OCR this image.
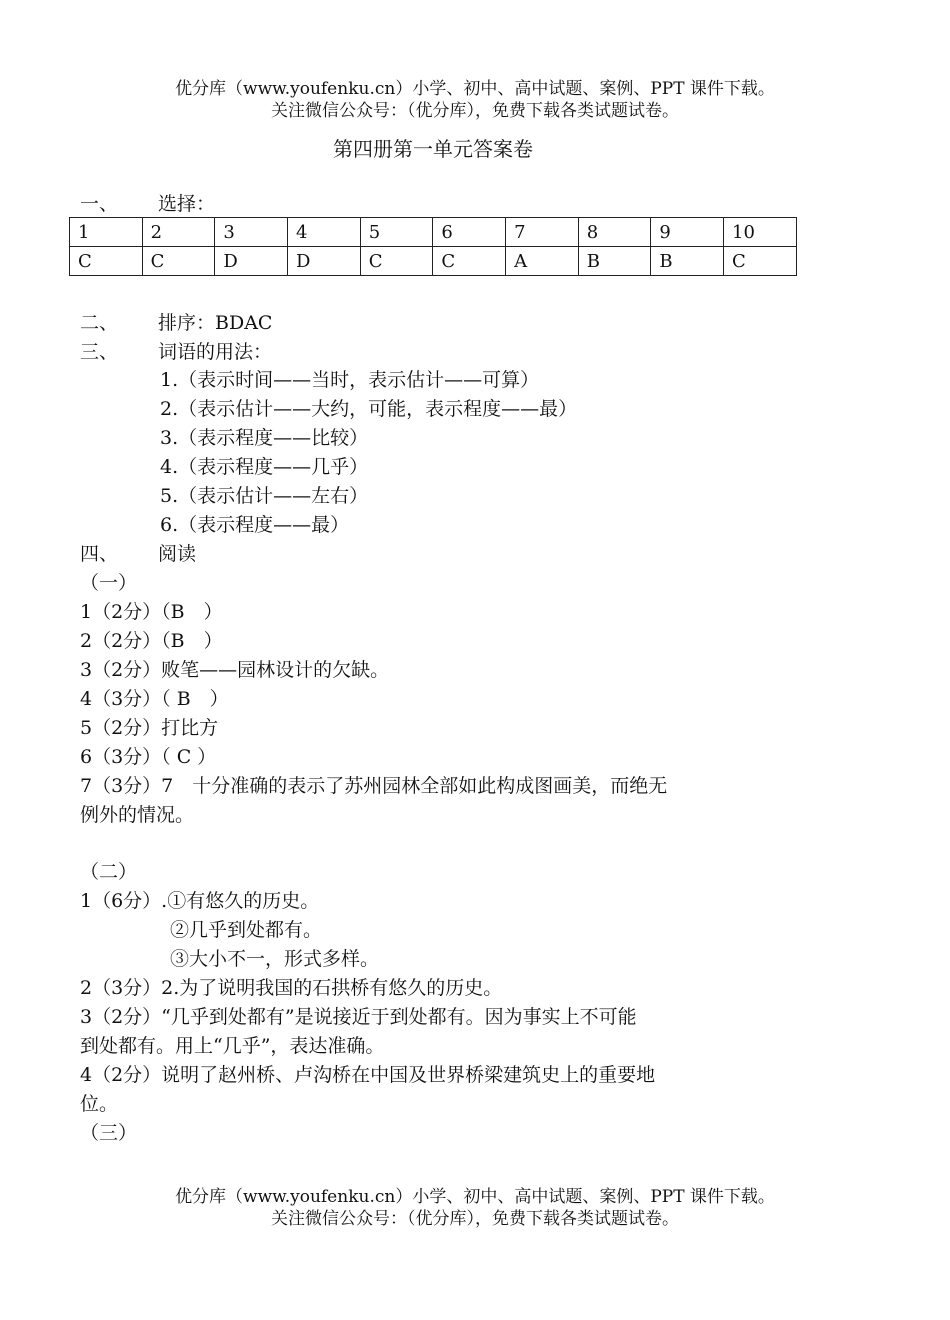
优分库（www.youfenku.cn）小学、初中、高中试题、案例、PPT 课件下载。
关注微信公众号：（优分库），免费下载各类试题试卷。
第四册第一单元答案卷
一、 选择：
1	2	3	4	5	6	7	8	9	10
C	C	D	D	C	C	A	B	B	C
二、 排序：BDAC
三、 词语的用法：
1.（表示时间——当时，表示估计——可算）
2.（表示估计——大约，可能，表示程度——最）
3.（表示程度——比较）
4.（表示程度——几乎）
5.（表示估计——左右）
6.（表示程度——最）
四、 阅读
（一）
1（2分）（B　）
2（2分）（B　）
3（2分）败笔——园林设计的欠缺。
4（3分）（ B　）
5（2分）打比方
6（3分）（ C ）
7（3分）7　十分准确的表示了苏州园林全部如此构成图画美，而绝无
例外的情况。
（二）
1（6分）.①有悠久的历史。
②几乎到处都有。
③大小不一，形式多样。
2（3分）2.为了说明我国的石拱桥有悠久的历史。
3（2分）“几乎到处都有”是说接近于到处都有。因为事实上不可能
到处都有。用上“几乎”，表达准确。
4（2分）说明了赵州桥、卢沟桥在中国及世界桥梁建筑史上的重要地
位。
（三）
优分库（www.youfenku.cn）小学、初中、高中试题、案例、PPT 课件下载。
关注微信公众号：（优分库），免费下载各类试题试卷。
